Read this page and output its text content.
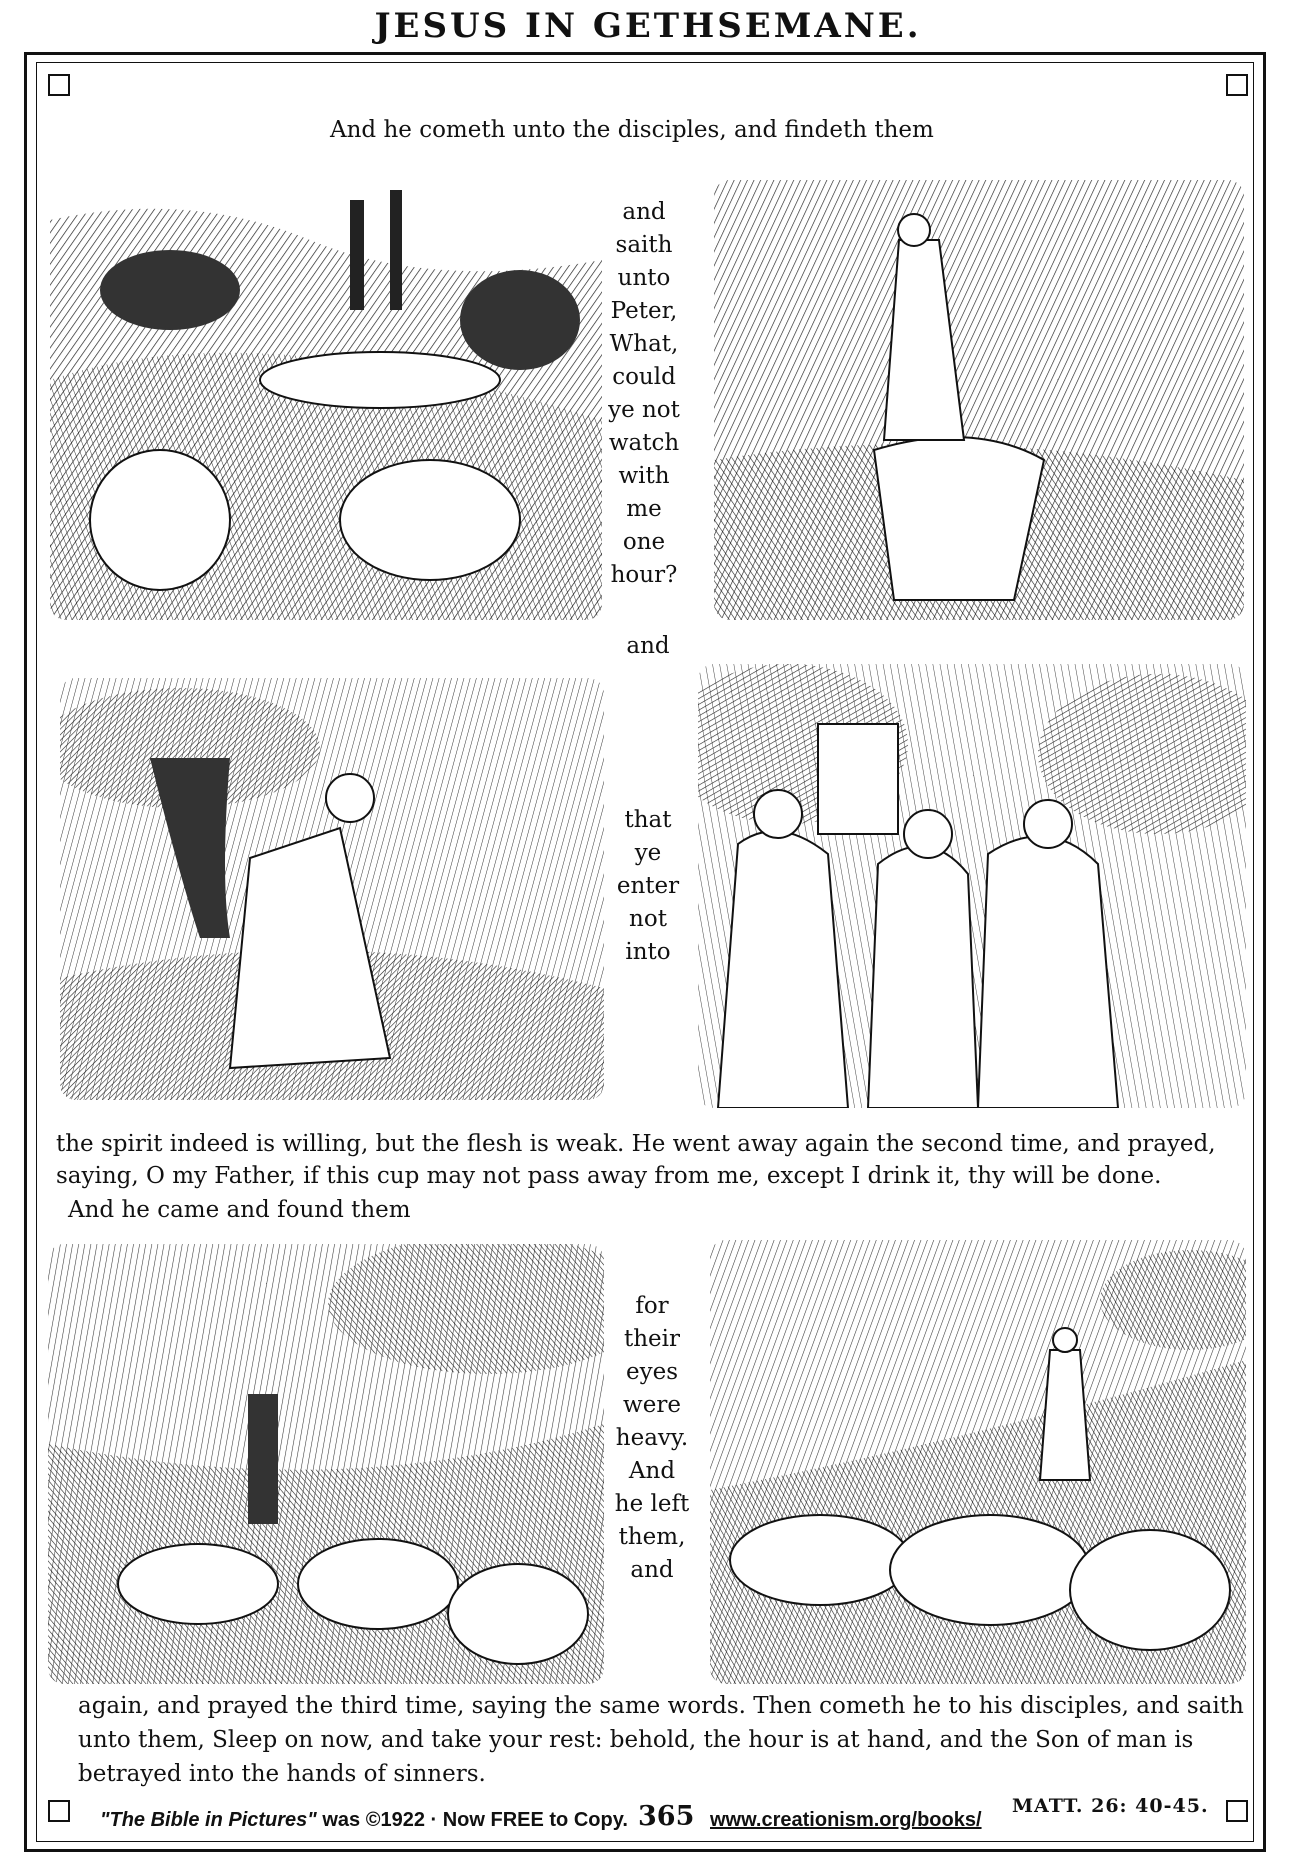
JESUS IN GETHSEMANE.
And he cometh unto the disciples, and findeth them
and
saith
unto
Peter,
What,
could
ye not
watch
with
me
one
hour?
and
that
ye
enter
not
into
the spirit indeed is willing, but the flesh is weak. He went away again the second time, and prayed,
saying, O my Father, if this cup may not pass away from me, except I drink it, thy will be done.
And he came and found them
for
their
eyes
were
heavy.
And
he left
them,
and
again, and prayed the third time, saying the same words. Then cometh he to his disciples, and saith
unto them, Sleep on now, and take your rest: behold, the hour is at hand, and the Son of man is
betrayed into the hands of sinners.
"The Bible in Pictures" was ©1922 · Now FREE to Copy. 365 www.creationism.org/books/
MATT. 26: 40-45.
